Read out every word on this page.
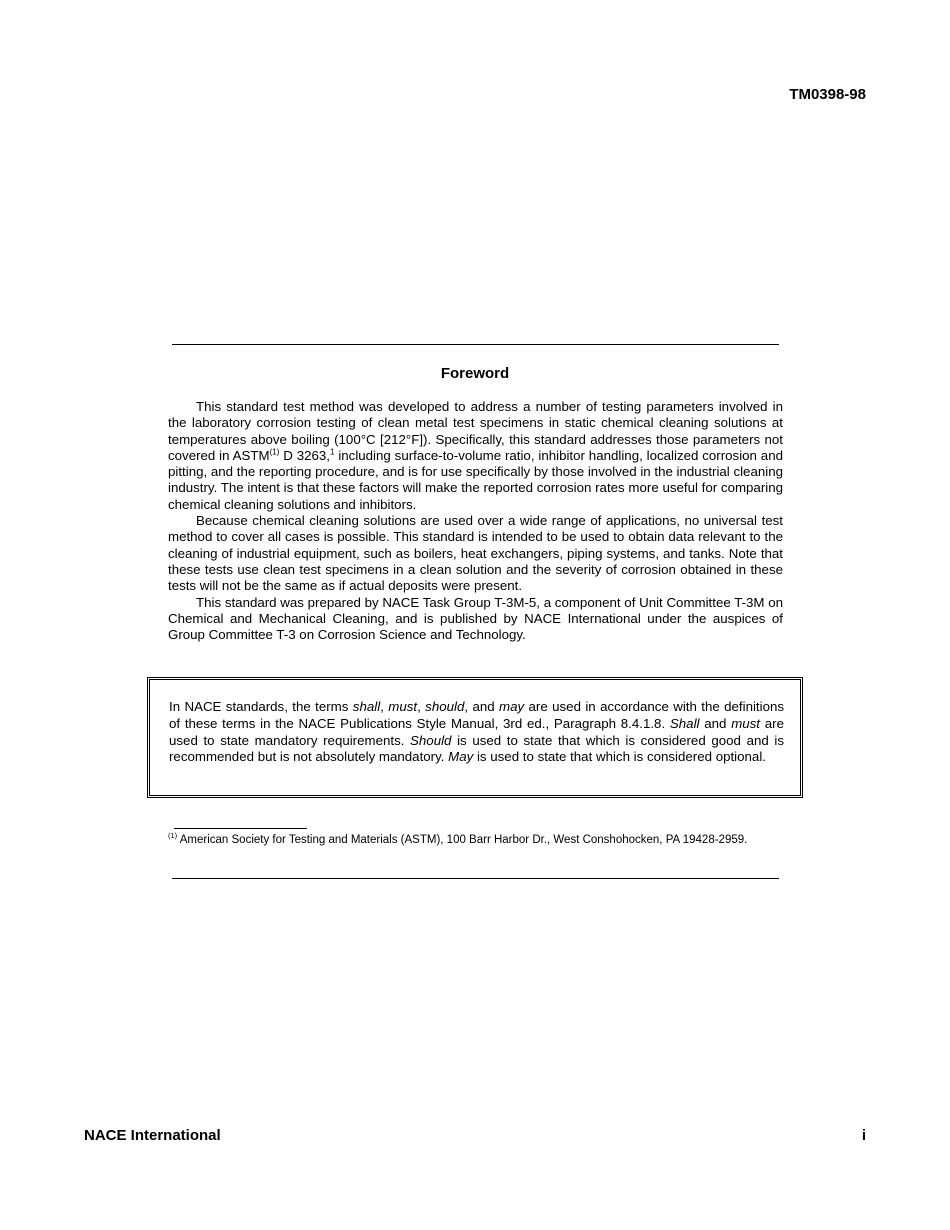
TM0398-98
Foreword

This standard test method was developed to address a number of testing parameters involved in the laboratory corrosion testing of clean metal test specimens in static chemical cleaning solutions at temperatures above boiling (100°C [212°F]). Specifically, this standard addresses those parameters not covered in ASTM$^{(1)}$ D 3263,$^1$ including surface-to-volume ratio, inhibitor handling, localized corrosion and pitting, and the reporting procedure, and is for use specifically by those involved in the industrial cleaning industry. The intent is that these factors will make the reported corrosion rates more useful for comparing chemical cleaning solutions and inhibitors.

Because chemical cleaning solutions are used over a wide range of applications, no universal test method to cover all cases is possible. This standard is intended to be used to obtain data relevant to the cleaning of industrial equipment, such as boilers, heat exchangers, piping systems, and tanks. Note that these tests use clean test specimens in a clean solution and the severity of corrosion obtained in these tests will not be the same as if actual deposits were present.

This standard was prepared by NACE Task Group T-3M-5, a component of Unit Committee T-3M on Chemical and Mechanical Cleaning, and is published by NACE International under the auspices of Group Committee T-3 on Corrosion Science and Technology.

In NACE standards, the terms shall, must, should, and may are used in accordance with the definitions of these terms in the NACE Publications Style Manual, 3rd ed., Paragraph 8.4.1.8. Shall and must are used to state mandatory requirements. Should is used to state that which is considered good and is recommended but is not absolutely mandatory. May is used to state that which is considered optional.
$^{(1)}$ American Society for Testing and Materials (ASTM), 100 Barr Harbor Dr., West Conshohocken, PA 19428-2959.
NACE International	i
